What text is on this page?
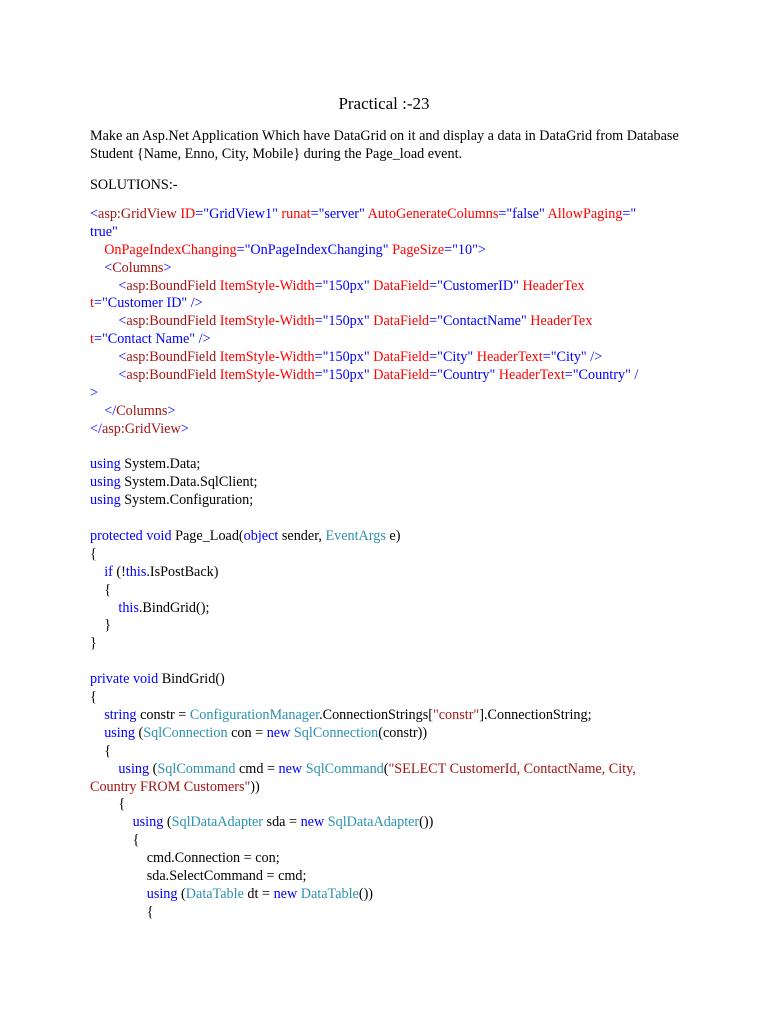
Practical :-23
Make an Asp.Net Application Which have DataGrid on it and display a data in DataGrid from Database Student {Name, Enno, City, Mobile} during the Page_load event.
SOLUTIONS:-
<asp:GridView ID="GridView1" runat="server" AutoGenerateColumns="false" AllowPaging="
true"
OnPageIndexChanging="OnPageIndexChanging" PageSize="10">
<Columns>
<asp:BoundField ItemStyle-Width="150px" DataField="CustomerID" HeaderTex
t="Customer ID" />
<asp:BoundField ItemStyle-Width="150px" DataField="ContactName" HeaderTex
t="Contact Name" />
<asp:BoundField ItemStyle-Width="150px" DataField="City" HeaderText="City" />
<asp:BoundField ItemStyle-Width="150px" DataField="Country" HeaderText="Country" /
>
</Columns>
</asp:GridView>
using System.Data;
using System.Data.SqlClient;
using System.Configuration;
protected void Page_Load(object sender, EventArgs e)
{
if (!this.IsPostBack)
{
this.BindGrid();
}
}
private void BindGrid()
{
string constr = ConfigurationManager.ConnectionStrings["constr"].ConnectionString;
using (SqlConnection con = new SqlConnection(constr))
{
using (SqlCommand cmd = new SqlCommand("SELECT CustomerId, ContactName, City,
Country FROM Customers"))
{
using (SqlDataAdapter sda = new SqlDataAdapter())
{
cmd.Connection = con;
sda.SelectCommand = cmd;
using (DataTable dt = new DataTable())
{
